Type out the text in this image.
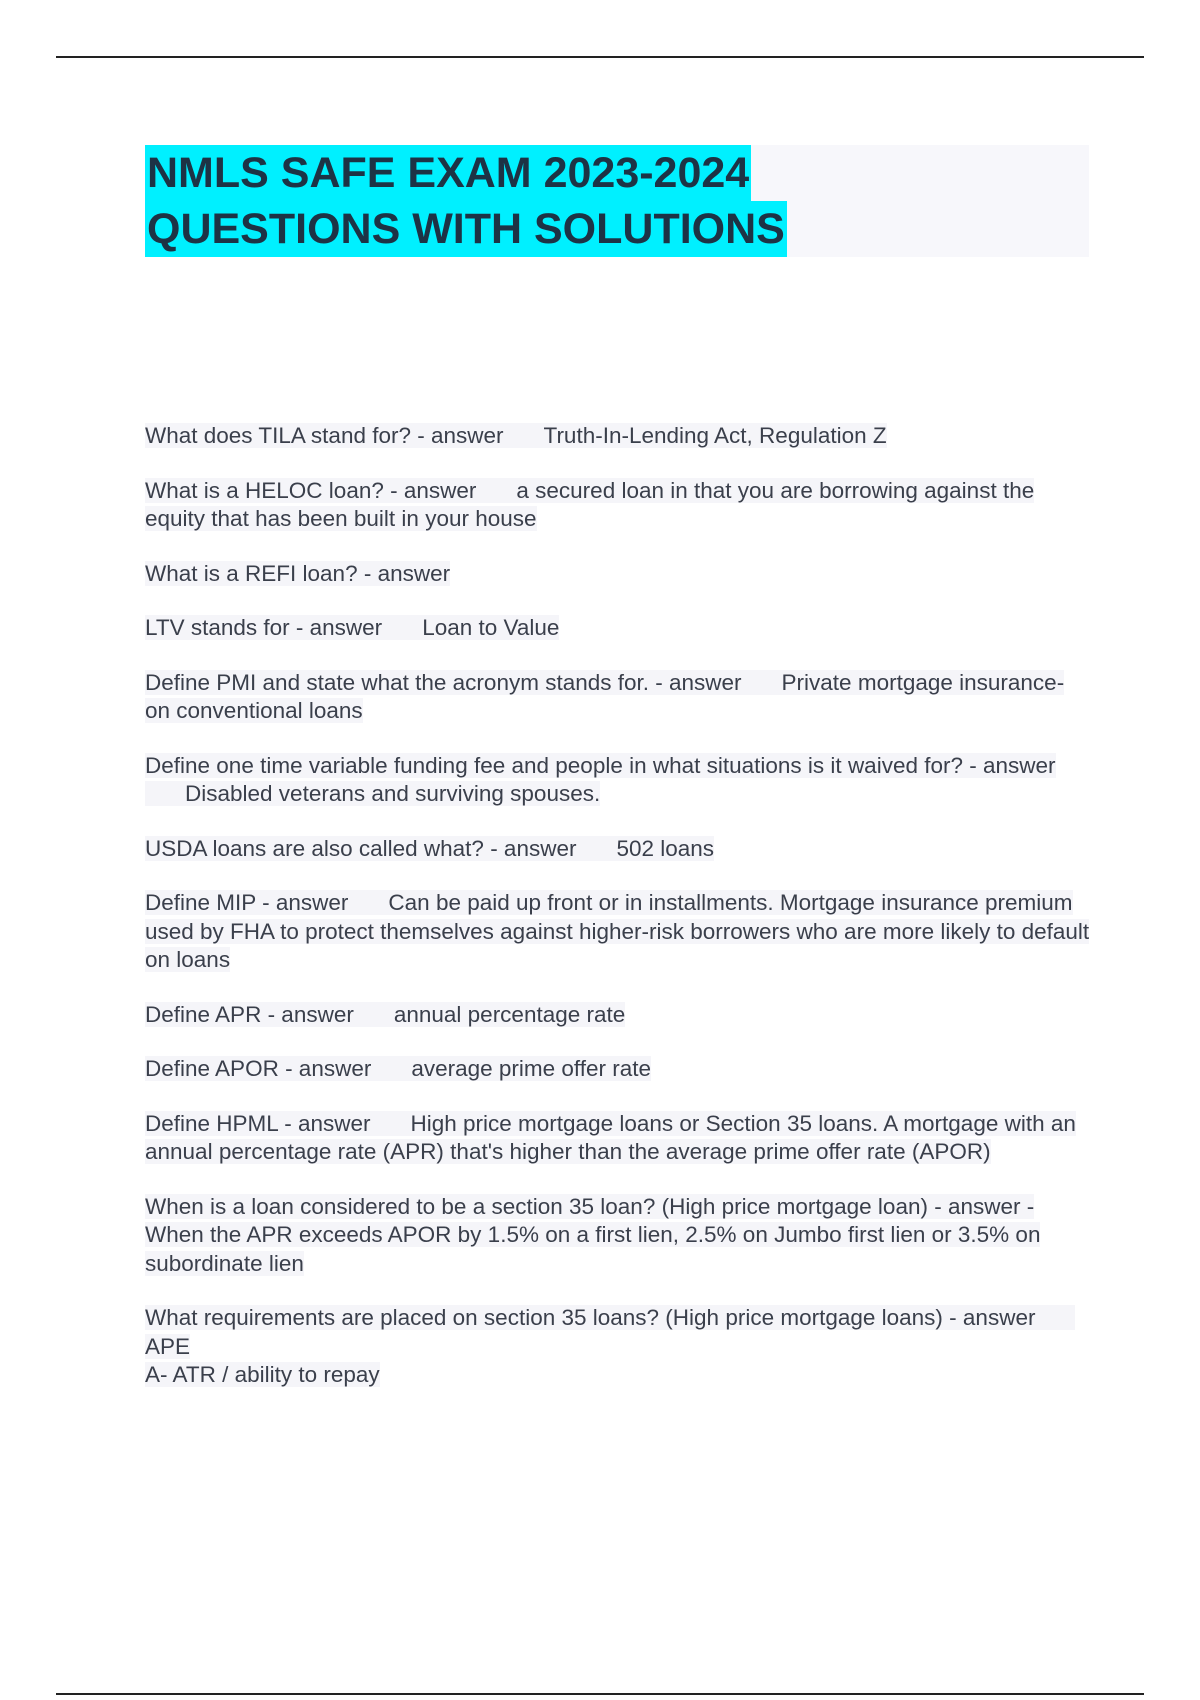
NMLS SAFE EXAM 2023-2024
QUESTIONS WITH SOLUTIONS

What does TILA stand for? - answer Truth-In-Lending Act, Regulation Z

What is a HELOC loan? - answer a secured loan in that you are borrowing against the equity that has been built in your house

What is a REFI loan? - answer

LTV stands for - answer Loan to Value

Define PMI and state what the acronym stands for. - answer Private mortgage insurance- on conventional loans

Define one time variable funding fee and people in what situations is it waived for? - answerDisabled veterans and surviving spouses.

USDA loans are also called what? - answer 502 loans

Define MIP - answer Can be paid up front or in installments. Mortgage insurance premium used by FHA to protect themselves against higher-risk borrowers who are more likely to default on loans

Define APR - answer annual percentage rate

Define APOR - answer average prime offer rate

Define HPML - answer High price mortgage loans or Section 35 loans. A mortgage with an annual percentage rate (APR) that's higher than the average prime offer rate (APOR)

When is a loan considered to be a section 35 loan? (High price mortgage loan) - answer - When the APR exceeds APOR by 1.5% on a first lien, 2.5% on Jumbo first lien or 3.5% on subordinate lien

What requirements are placed on section 35 loans? (High price mortgage loans) - answerAPE
A- ATR / ability to repay
